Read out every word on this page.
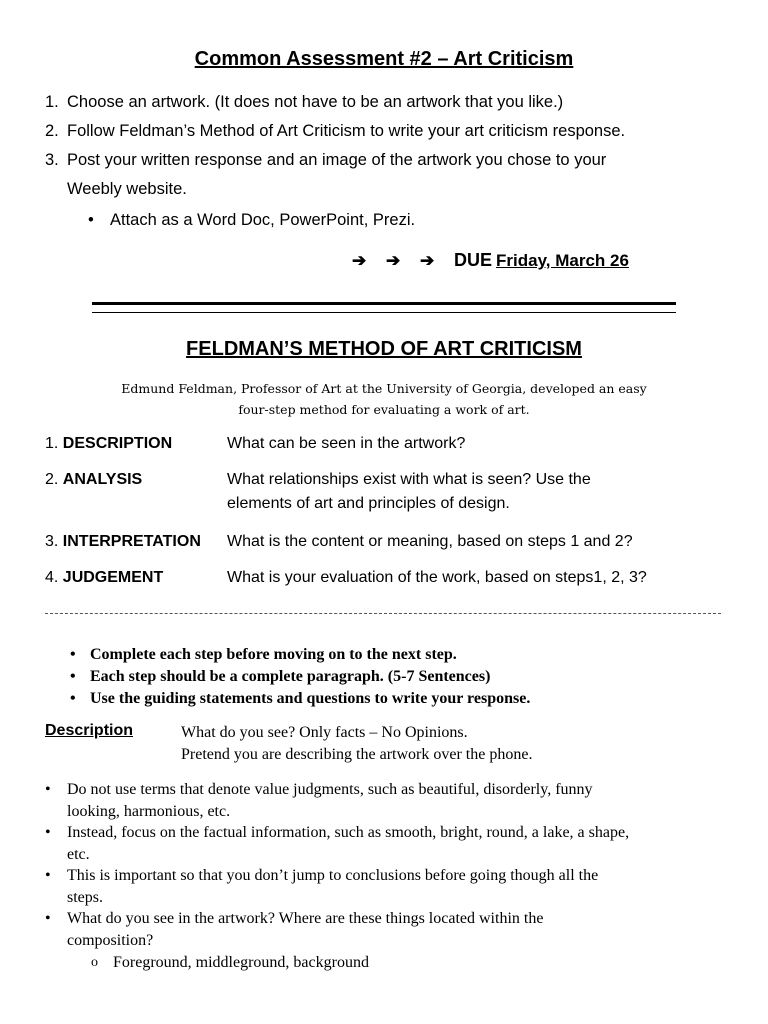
Common Assessment #2 – Art Criticism
1. Choose an artwork. (It does not have to be an artwork that you like.)
2. Follow Feldman’s Method of Art Criticism to write your art criticism response.
3. Post your written response and an image of the artwork you chose to your
Weebly website.
• Attach as a Word Doc, PowerPoint, Prezi.
➔ ➔ ➔ DUE Friday, March 26
FELDMAN’S METHOD OF ART CRITICISM
Edmund Feldman, Professor of Art at the University of Georgia, developed an easy
four-step method for evaluating a work of art.
1. DESCRIPTION	What can be seen in the artwork?
2. ANALYSIS	What relationships exist with what is seen? Use the
elements of art and principles of design.
3. INTERPRETATION What is the content or meaning, based on steps 1 and 2?
4. JUDGEMENT	What is your evaluation of the work, based on steps1, 2, 3?
• Complete each step before moving on to the next step.
• Each step should be a complete paragraph. (5-7 Sentences)
• Use the guiding statements and questions to write your response.
Description	What do you see? Only facts – No Opinions.
Pretend you are describing the artwork over the phone.
• Do not use terms that denote value judgments, such as beautiful, disorderly, funny
looking, harmonious, etc.
• Instead, focus on the factual information, such as smooth, bright, round, a lake, a shape,
etc.
• This is important so that you don’t jump to conclusions before going though all the
steps.
• What do you see in the artwork? Where are these things located within the
composition?
o Foreground, middleground, background
